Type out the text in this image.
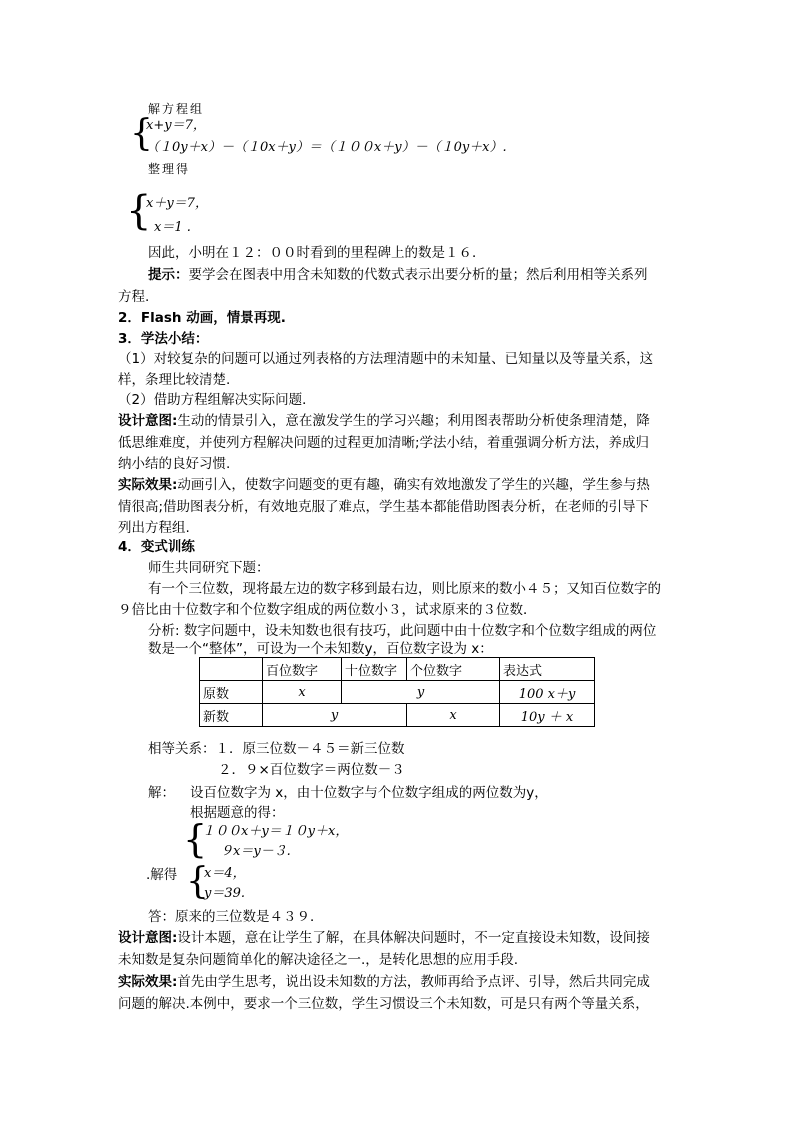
解方程组
{
x+y＝7，
（１0y＋x）－（１0x＋y）＝（１００x＋y）－（１0y＋x）.
整理得
{
x＋y＝7，
x＝1 .
因此，小明在１２：００时看到的里程碑上的数是１６．
提示：要学会在图表中用含未知数的代数式表示出要分析的量；然后利用相等关系列
方程.
2．Flash 动画，情景再现.
3．学法小结：
（1）对较复杂的问题可以通过列表格的方法理清题中的未知量、已知量以及等量关系，这
样，条理比较清楚.
（2）借助方程组解决实际问题．
设计意图:生动的情景引入，意在激发学生的学习兴趣；利用图表帮助分析使条理清楚，降
低思维难度，并使列方程解决问题的过程更加清晰;学法小结，着重强调分析方法，养成归
纳小结的良好习惯.
实际效果:动画引入，使数字问题变的更有趣，确实有效地激发了学生的兴趣，学生参与热
情很高;借助图表分析，有效地克服了难点，学生基本都能借助图表分析，在老师的引导下
列出方程组.
4．变式训练
师生共同研究下题：
有一个三位数，现将最左边的数字移到最右边，则比原来的数小４５；又知百位数字的
９倍比由十位数字和个位数字组成的两位数小３，试求原来的３位数．
分析: 数字问题中，设未知数也很有技巧，此问题中由十位数字和个位数字组成的两位
数是一个“整体”，可设为一个未知数y，百位数字设为 x：
	百位数字	十位数字	个位数字	表达式
原数	x	y		100 x＋y
新数	y		x	10y ＋ x
相等关系：１．原三位数－４５＝新三位数
２．９×百位数字＝两位数－３
解： 设百位数字为 x，由十位数字与个位数字组成的两位数为y，
根据题意的得：
{
１００x＋y＝１０y＋x，
９x＝y－３.
.解得 {
x＝4，
y＝39.
答：原来的三位数是４３９．
设计意图:设计本题，意在让学生了解，在具体解决问题时，不一定直接设未知数，设间接
未知数是复杂问题简单化的解决途径之一.，是转化思想的应用手段.
实际效果:首先由学生思考，说出设未知数的方法，教师再给予点评、引导，然后共同完成
问题的解决.本例中，要求一个三位数，学生习惯设三个未知数，可是只有两个等量关系，
